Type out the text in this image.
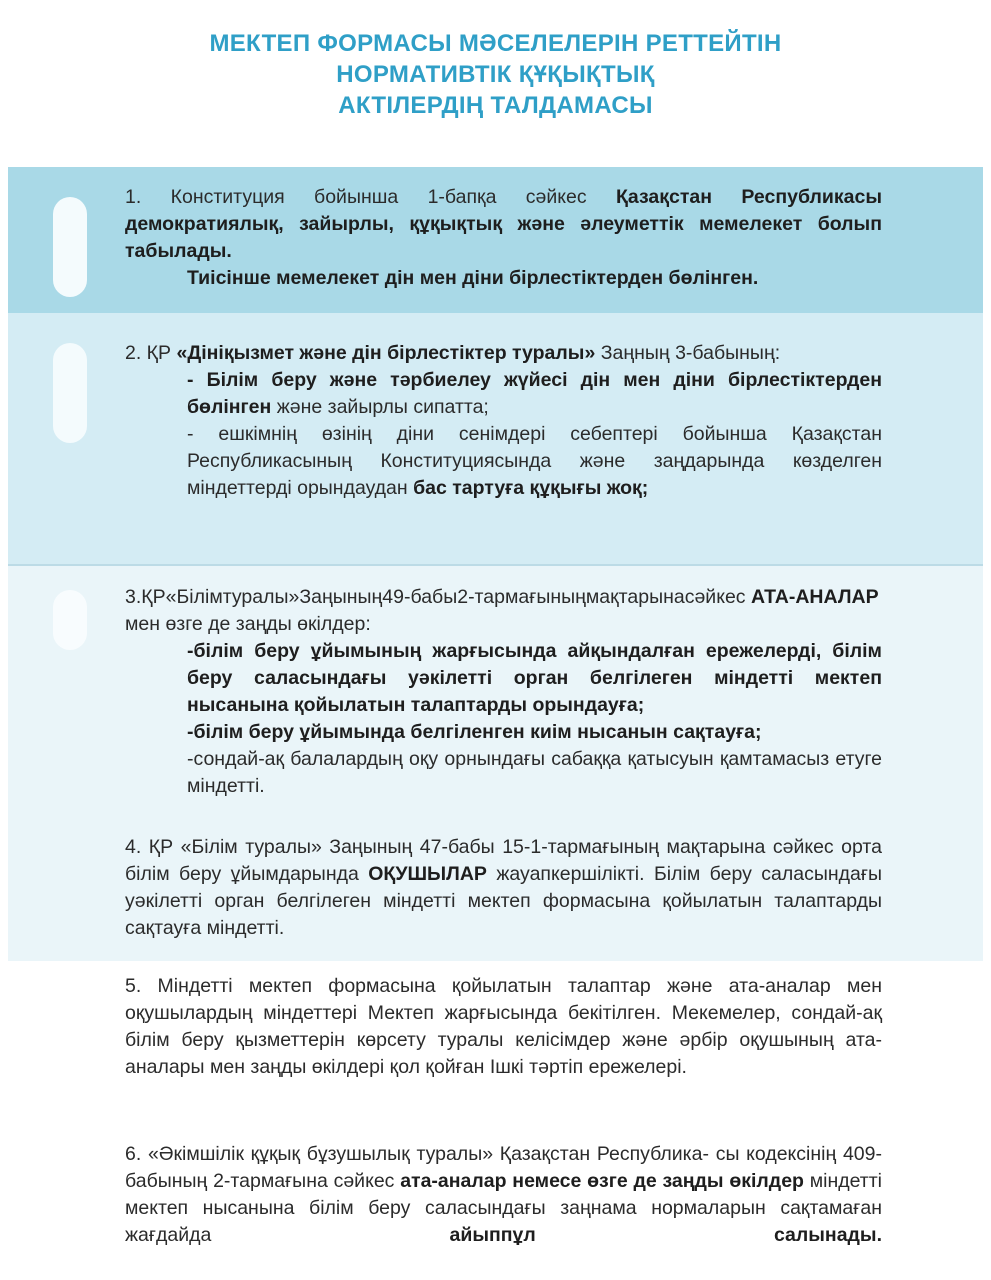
МЕКТЕП ФОРМАСЫ МӘСЕЛЕЛЕРІН РЕТТЕЙТІН
НОРМАТИВТІК ҚҰҚЫҚТЫҚ
АКТІЛЕРДІҢ ТАЛДАМАСЫ

1. Конституция бойынша 1-бапқа сәйкес Қазақстан Республикасы демократиялық, зайырлы, құқықтық және әлеуметтік мемелекет болып табылады.

Тиісінше мемелекет дін мен діни бірлестіктерден бөлінген.

2. ҚР «Дініқызмет және дін бірлестіктер туралы» Заңның 3-бабының:

- Білім беру және тәрбиелеу жүйесі дін мен діни бірлестіктерден бөлінген және зайырлы сипатта;

- ешкімнің өзінің діни сенімдері себептері бойынша Қазақстан Республикасының Конституциясында және заңдарында көзделген міндеттерді орындаудан бас тартуға құқығы жоқ;

3.ҚР«Білімтуралы»Заңының49-бабы2-тармағыныңмақтарынасәйкес АТА-АНАЛАР мен өзге де заңды өкілдер:

-білім беру ұйымының жарғысында айқындалған ережелерді, білім беру саласындағы уәкілетті орган белгілеген міндетті мектеп нысанына қойылатын талаптарды орындауға;

-білім беру ұйымында белгіленген киім нысанын сақтауға;

-сондай-ақ балалардың оқу орнындағы сабаққа қатысуын қамтамасыз етуге міндетті.

4. ҚР «Білім туралы» Заңының 47-бабы 15-1-тармағының мақтарына сәйкес орта білім беру ұйымдарында ОҚУШЫЛАР жауапкершілікті. Білім беру саласындағы уәкілетті орган белгілеген міндетті мектеп формасына қойылатын талаптарды сақтауға міндетті.

5. Міндетті мектеп формасына қойылатын талаптар және ата-аналар мен оқушылардың міндеттері Мектеп жарғысында бекітілген. Мекемелер, сондай-ақ білім беру қызметтерін көрсету туралы келісімдер және әрбір оқушының ата-аналары мен заңды өкілдері қол қойған Ішкі тәртіп ережелері.

6. «Әкімшілік құқық бұзушылық туралы» Қазақстан Республика- сы кодексінің 409-бабының 2-тармағына сәйкес ата-аналар немесе өзге де заңды өкілдер міндетті мектеп нысанына білім беру саласындағы заңнама нормаларын сақтамаған жағдайда айыппұл салынады.
